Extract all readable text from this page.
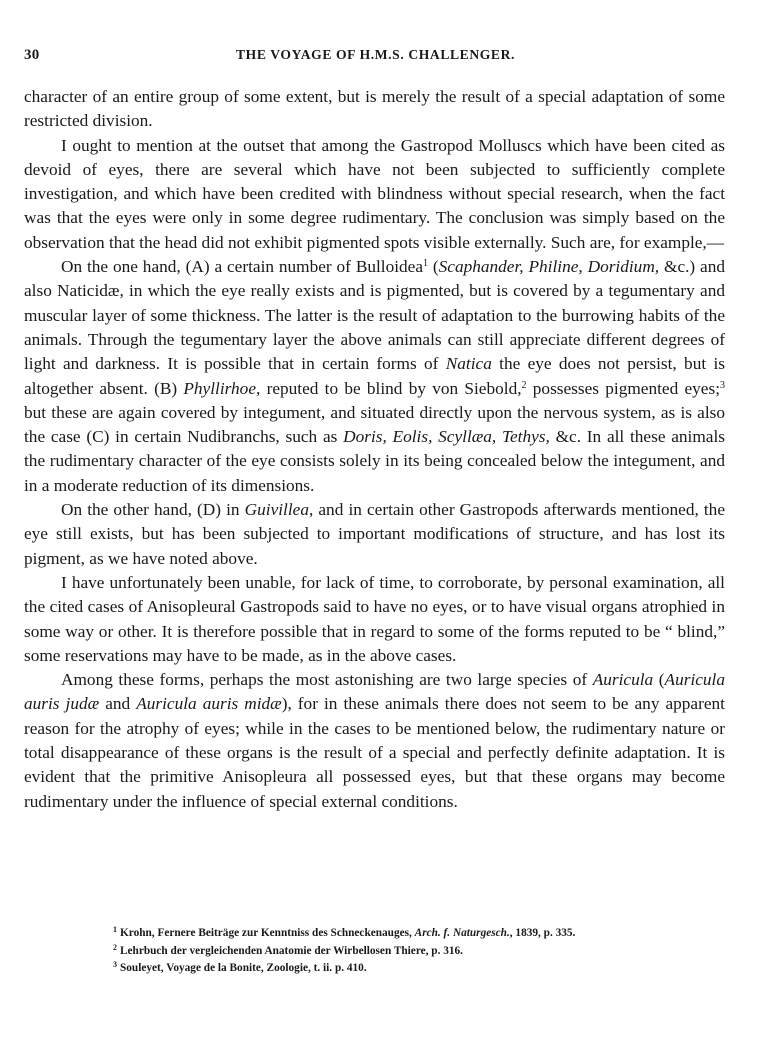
30	THE VOYAGE OF H.M.S. CHALLENGER.

character of an entire group of some extent, but is merely the result of a special adaptation of some restricted division.

I ought to mention at the outset that among the Gastropod Molluscs which have been cited as devoid of eyes, there are several which have not been subjected to sufficiently complete investigation, and which have been credited with blindness without special research, when the fact was that the eyes were only in some degree rudimentary. The conclusion was simply based on the observation that the head did not exhibit pigmented spots visible externally. Such are, for example,—

On the one hand, (A) a certain number of Bulloidea$^1$ (Scaphander, Philine, Doridium, &c.) and also Naticidæ, in which the eye really exists and is pigmented, but is covered by a tegumentary and muscular layer of some thickness. The latter is the result of adaptation to the burrowing habits of the animals. Through the tegumentary layer the above animals can still appreciate different degrees of light and darkness. It is possible that in certain forms of Natica the eye does not persist, but is altogether absent. (B) Phyllirhoe, reputed to be blind by von Siebold,$^2$ possesses pigmented eyes;$^3$ but these are again covered by integument, and situated directly upon the nervous system, as is also the case (C) in certain Nudibranchs, such as Doris, Eolis, Scyllæa, Tethys, &c. In all these animals the rudimentary character of the eye consists solely in its being concealed below the integument, and in a moderate reduction of its dimensions.

On the other hand, (D) in Guivillea, and in certain other Gastropods afterwards mentioned, the eye still exists, but has been subjected to important modifications of structure, and has lost its pigment, as we have noted above.

I have unfortunately been unable, for lack of time, to corroborate, by personal examination, all the cited cases of Anisopleural Gastropods said to have no eyes, or to have visual organs atrophied in some way or other. It is therefore possible that in regard to some of the forms reputed to be “ blind,” some reservations may have to be made, as in the above cases.

Among these forms, perhaps the most astonishing are two large species of Auricula (Auricula auris judæ and Auricula auris midæ), for in these animals there does not seem to be any apparent reason for the atrophy of eyes; while in the cases to be mentioned below, the rudimentary nature or total disappearance of these organs is the result of a special and perfectly definite adaptation. It is evident that the primitive Anisopleura all possessed eyes, but that these organs may become rudimentary under the influence of special external conditions.

$^1$ Krohn, Fernere Beiträge zur Kenntniss des Schneckenauges, Arch. f. Naturgesch., 1839, p. 335.
$^2$ Lehrbuch der vergleichenden Anatomie der Wirbellosen Thiere, p. 316.
$^3$ Souleyet, Voyage de la Bonite, Zoologie, t. ii. p. 410.
